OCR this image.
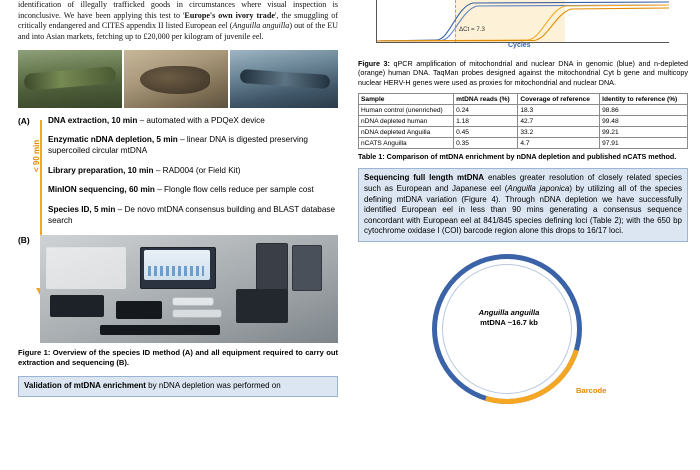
identification of illegally trafficked goods in circumstances where visual inspection is inconclusive. We have been applying this test to 'Europe's own ivory trade', the smuggling of critically endangered and CITES appendix II listed European eel (Anguilla anguilla) out of the EU and into Asian markets, fetching up to £20,000 per kilogram of juvenile eel.
(A)
< 90 min
DNA extraction, 10 min – automated with a PDQeX device
Enzymatic nDNA depletion, 5 min – linear DNA is digested preserving supercoiled circular mtDNA
Library preparation, 10 min – RAD004 (or Field Kit)
MinION sequencing, 60 min – Flongle flow cells reduce per sample cost
Species ID, 5 min – De novo mtDNA consensus building and BLAST database search
(B)
Figure 1: Overview of the species ID method (A) and all equipment required to carry out extraction and sequencing (B).
Validation of mtDNA enrichment by nDNA depletion was performed on
ΔCt = 7.3
Cycles
Figure 3: qPCR amplification of mitochondrial and nuclear DNA in genomic (blue) and n-depleted (orange) human DNA. TaqMan probes designed against the mitochondrial Cyt b gene and multicopy nuclear HERV-H genes were used as proxies for mitochondrial and nuclear DNA.
Sample	mtDNA reads (%)	Coverage of reference	Identity to reference (%)
Human control (unenriched)	0.24	18.3	98.86
nDNA depleted human	1.18	42.7	99.48
nDNA depleted Anguilla	0.45	33.2	99.21
nCATS Anguilla	0.35	4.7	97.91
Table 1: Comparison of mtDNA enrichment by nDNA depletion and published nCATS method.
Sequencing full length mtDNA enables greater resolution of closely related species such as European and Japanese eel (Anguilla japonica) by utilizing all of the species defining mtDNA variation (Figure 4). Through nDNA depletion we have successfully identified European eel in less than 90 mins generating a consensus sequence concordant with European eel at 841/845 species defining loci (Table 2); with the 650 bp cytochrome oxidase I (COI) barcode region alone this drops to 16/17 loci.
Anguilla anguilla
mtDNA ~16.7 kb
Barcode
